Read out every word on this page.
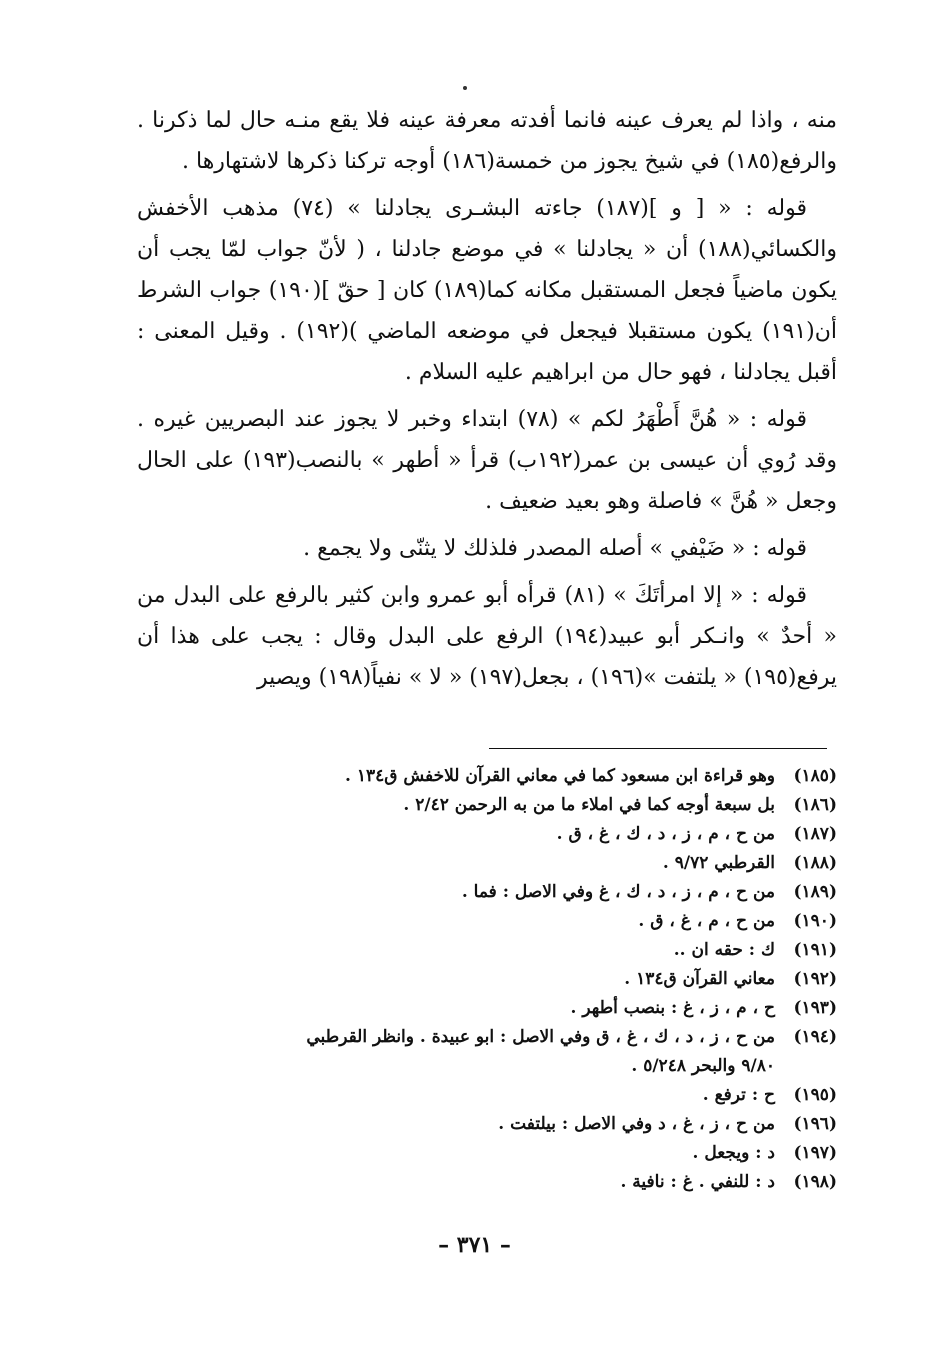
منه ، واذا لم يعرف عينه فانما أفدته معرفة عينه فلا يقع منـه حال لما ذكرنا . والرفع(١٨٥) في شيخ يجوز من خمسة(١٨٦) أوجه تركنا ذكرها لاشتهارها .

قوله : « [ و ](١٨٧) جاءته البشـرى يجادلنا » (٧٤) مذهب الأخفش والكسائي(١٨٨) أن « يجادلنا » في موضع جادلنا ، ( لأنّ جواب لمّا يجب أن يكون ماضياً فجعل المستقبل مكانه كما(١٨٩) كان [ حقّ ](١٩٠) جواب الشرط أن(١٩١) يكون مستقبلا فيجعل في موضعه الماضي )(١٩٢) . وقيل المعنى : أقبل يجادلنا ، فهو حال من ابراهيم عليه السلام .

قوله : « هُنَّ أَطْهَرُ لكم » (٧٨) ابتداء وخبر لا يجوز عند البصريين غيره . وقد رُوي أن عيسى بن عمر(١٩٢ب) قرأ « أطهر » بالنصب(١٩٣) على الحال وجعل « هُنَّ » فاصلة وهو بعيد ضعيف .

قوله : « ضَيْفي » أصله المصدر فلذلك لا يثنّى ولا يجمع .

قوله : « إلا امرأتَكَ » (٨١) قرأه أبو عمرو وابن كثير بالرفع على البدل من « أحدٌ » وانـكر أبو عبيد(١٩٤) الرفع على البدل وقال : يجب على هذا أن يرفع(١٩٥) « يلتفت »(١٩٦) ، بجعل(١٩٧) « لا » نفياً(١٩٨) ويصير

(١٨٥)وهو قراءة ابن مسعود كما في معاني القرآن للاخفش ق١٣٤ .

(١٨٦)بل سبعة أوجه كما في املاء ما من به الرحمن ٢/٤٢ .

(١٨٧)من ح ، م ، ز ، د ، ك ، غ ، ق .

(١٨٨)القرطبي ٩/٧٢ .

(١٨٩)من ح ، م ، ز ، د ، ك ، غ وفي الاصل : فما .

(١٩٠)من ح ، م ، غ ، ق .

(١٩١)ك : حقه ان ..

(١٩٢)معاني القرآن ق١٣٤ .

(١٩٣)ح ، م ، ز ، غ : بنصب أطهر .

(١٩٤)من ح ، ز ، د ، ك ، غ ، ق وفي الاصل : ابو عبيدة . وانظر القرطبي
٩/٨٠ والبحر ٥/٢٤٨ .

(١٩٥)ح : ترفع .

(١٩٦)من ح ، ز ، غ ، د وفي الاصل : بيلتفت .

(١٩٧)د : ويجعل .

(١٩٨)د : للنفي . غ : نافية .

– ٣٧١ –
